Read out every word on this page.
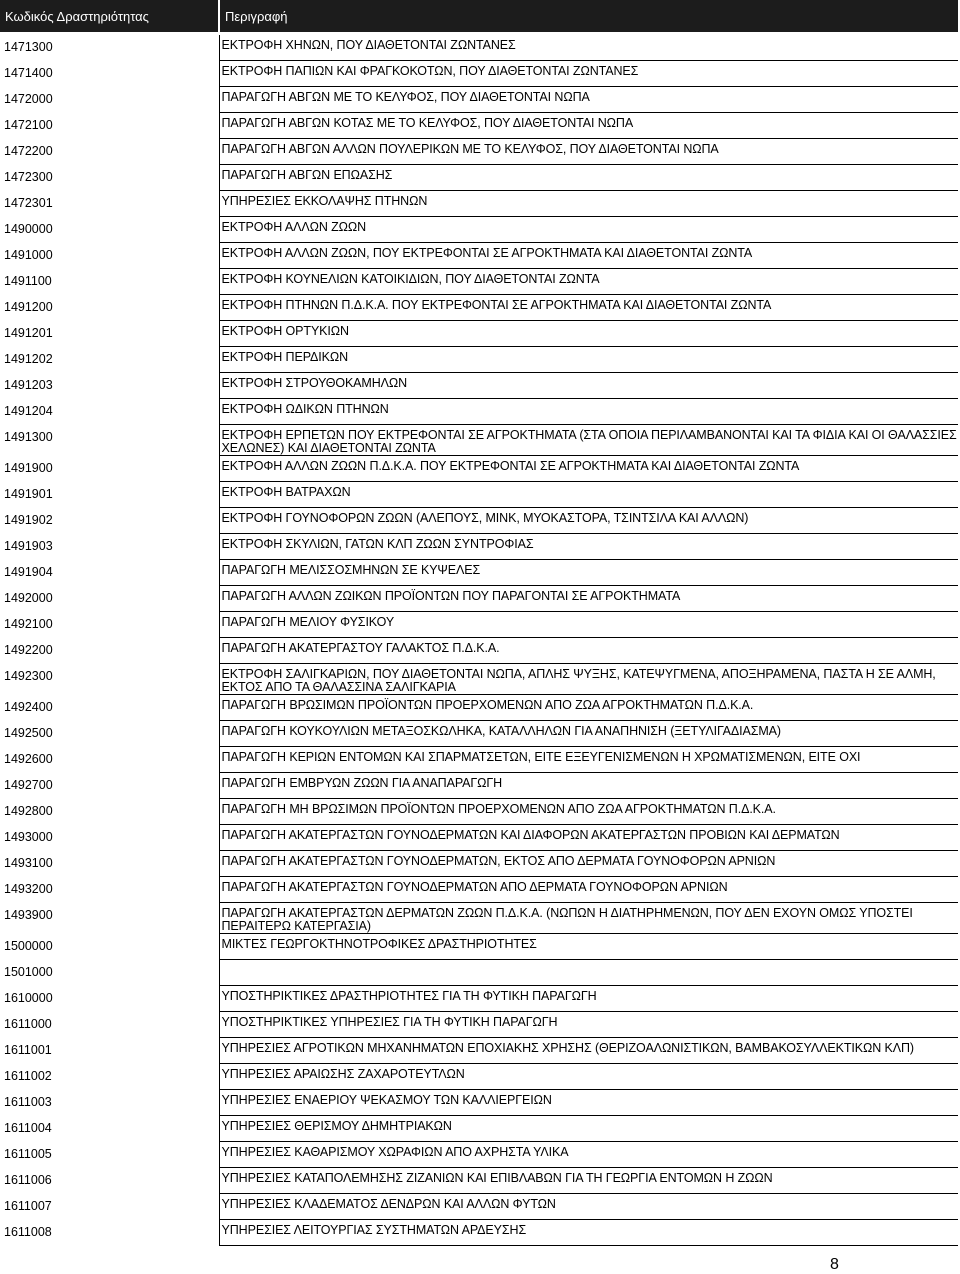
Κωδικός Δραστηριότητας	Περιγραφή

1471300	ΕΚΤΡΟΦΗ ΧΗΝΩΝ, ΠΟΥ ΔΙΑΘΕΤΟΝΤΑΙ ΖΩΝΤΑΝΕΣ
1471400	ΕΚΤΡΟΦΗ ΠΑΠΙΩΝ ΚΑΙ ΦΡΑΓΚΟΚΟΤΩΝ, ΠΟΥ ΔΙΑΘΕΤΟΝΤΑΙ ΖΩΝΤΑΝΕΣ
1472000	ΠΑΡΑΓΩΓΗ ΑΒΓΩΝ ΜΕ ΤΟ ΚΕΛΥΦΟΣ, ΠΟΥ ΔΙΑΘΕΤΟΝΤΑΙ ΝΩΠΑ
1472100	ΠΑΡΑΓΩΓΗ ΑΒΓΩΝ ΚΟΤΑΣ ΜΕ ΤΟ ΚΕΛΥΦΟΣ, ΠΟΥ ΔΙΑΘΕΤΟΝΤΑΙ ΝΩΠΑ
1472200	ΠΑΡΑΓΩΓΗ ΑΒΓΩΝ ΑΛΛΩΝ ΠΟΥΛΕΡΙΚΩΝ ΜΕ ΤΟ ΚΕΛΥΦΟΣ, ΠΟΥ ΔΙΑΘΕΤΟΝΤΑΙ ΝΩΠΑ
1472300	ΠΑΡΑΓΩΓΗ ΑΒΓΩΝ ΕΠΩΑΣΗΣ
1472301	ΥΠΗΡΕΣΙΕΣ ΕΚΚΟΛΑΨΗΣ ΠΤΗΝΩΝ
1490000	ΕΚΤΡΟΦΗ ΑΛΛΩΝ ΖΩΩΝ
1491000	ΕΚΤΡΟΦΗ ΑΛΛΩΝ ΖΩΩΝ, ΠΟΥ ΕΚΤΡΕΦΟΝΤΑΙ ΣΕ ΑΓΡΟΚΤΗΜΑΤΑ ΚΑΙ ΔΙΑΘΕΤΟΝΤΑΙ ΖΩΝΤΑ
1491100	ΕΚΤΡΟΦΗ ΚΟΥΝΕΛΙΩΝ ΚΑΤΟΙΚΙΔΙΩΝ, ΠΟΥ ΔΙΑΘΕΤΟΝΤΑΙ ΖΩΝΤΑ
1491200	ΕΚΤΡΟΦΗ ΠΤΗΝΩΝ Π.Δ.Κ.Α. ΠΟΥ ΕΚΤΡΕΦΟΝΤΑΙ ΣΕ ΑΓΡΟΚΤΗΜΑΤΑ ΚΑΙ ΔΙΑΘΕΤΟΝΤΑΙ ΖΩΝΤΑ
1491201	ΕΚΤΡΟΦΗ ΟΡΤΥΚΙΩΝ
1491202	ΕΚΤΡΟΦΗ ΠΕΡΔΙΚΩΝ
1491203	ΕΚΤΡΟΦΗ ΣΤΡΟΥΘΟΚΑΜΗΛΩΝ
1491204	ΕΚΤΡΟΦΗ ΩΔΙΚΩΝ ΠΤΗΝΩΝ
1491300	ΕΚΤΡΟΦΗ ΕΡΠΕΤΩΝ ΠΟΥ ΕΚΤΡΕΦΟΝΤΑΙ ΣΕ ΑΓΡΟΚΤΗΜΑΤΑ (ΣΤΑ ΟΠΟΙΑ ΠΕΡΙΛΑΜΒΑΝΟΝΤΑΙ ΚΑΙ ΤΑ ΦΙΔΙΑ ΚΑΙ ΟΙ ΘΑΛΑΣΣΙΕΣ ΧΕΛΩΝΕΣ) ΚΑΙ ΔΙΑΘΕΤΟΝΤΑΙ ΖΩΝΤΑ
1491900	ΕΚΤΡΟΦΗ ΑΛΛΩΝ ΖΩΩΝ Π.Δ.Κ.Α. ΠΟΥ ΕΚΤΡΕΦΟΝΤΑΙ ΣΕ ΑΓΡΟΚΤΗΜΑΤΑ ΚΑΙ ΔΙΑΘΕΤΟΝΤΑΙ ΖΩΝΤΑ
1491901	ΕΚΤΡΟΦΗ ΒΑΤΡΑΧΩΝ
1491902	ΕΚΤΡΟΦΗ ΓΟΥΝΟΦΟΡΩΝ ΖΩΩΝ (ΑΛΕΠΟΥΣ, ΜΙΝΚ, ΜΥΟΚΑΣΤΟΡΑ, ΤΣΙΝΤΣΙΛΑ ΚΑΙ ΑΛΛΩΝ)
1491903	ΕΚΤΡΟΦΗ ΣΚΥΛΙΩΝ, ΓΑΤΩΝ ΚΛΠ ΖΩΩΝ ΣΥΝΤΡΟΦΙΑΣ
1491904	ΠΑΡΑΓΩΓΗ ΜΕΛΙΣΣΟΣΜΗΝΩΝ ΣΕ ΚΥΨΕΛΕΣ
1492000	ΠΑΡΑΓΩΓΗ ΑΛΛΩΝ ΖΩΙΚΩΝ ΠΡΟΪΟΝΤΩΝ ΠΟΥ ΠΑΡΑΓΟΝΤΑΙ ΣΕ ΑΓΡΟΚΤΗΜΑΤΑ
1492100	ΠΑΡΑΓΩΓΗ ΜΕΛΙΟΥ ΦΥΣΙΚΟΥ
1492200	ΠΑΡΑΓΩΓΗ ΑΚΑΤΕΡΓΑΣΤΟΥ ΓΑΛΑΚΤΟΣ Π.Δ.Κ.Α.
1492300	ΕΚΤΡΟΦΗ ΣΑΛΙΓΚΑΡΙΩΝ, ΠΟΥ ΔΙΑΘΕΤΟΝΤΑΙ ΝΩΠΑ, ΑΠΛΗΣ ΨΥΞΗΣ, ΚΑΤΕΨΥΓΜΕΝΑ, ΑΠΟΞΗΡΑΜΕΝΑ, ΠΑΣΤΑ Η ΣΕ ΑΛΜΗ, ΕΚΤΟΣ ΑΠΟ ΤΑ ΘΑΛΑΣΣΙΝΑ ΣΑΛΙΓΚΑΡΙΑ
1492400	ΠΑΡΑΓΩΓΗ ΒΡΩΣΙΜΩΝ ΠΡΟΪΟΝΤΩΝ ΠΡΟΕΡΧΟΜΕΝΩΝ ΑΠΟ ΖΩΑ ΑΓΡΟΚΤΗΜΑΤΩΝ Π.Δ.Κ.Α.
1492500	ΠΑΡΑΓΩΓΗ ΚΟΥΚΟΥΛΙΩΝ ΜΕΤΑΞΟΣΚΩΛΗΚΑ, ΚΑΤΑΛΛΗΛΩΝ ΓΙΑ ΑΝΑΠΗΝΙΣΗ (ΞΕΤΥΛΙΓΑΔΙΑΣΜΑ)
1492600	ΠΑΡΑΓΩΓΗ ΚΕΡΙΩΝ ΕΝΤΟΜΩΝ ΚΑΙ ΣΠΑΡΜΑΤΣΕΤΩΝ, ΕΙΤΕ ΕΞΕΥΓΕΝΙΣΜΕΝΩΝ Η ΧΡΩΜΑΤΙΣΜΕΝΩΝ, ΕΙΤΕ ΟΧΙ
1492700	ΠΑΡΑΓΩΓΗ ΕΜΒΡΥΩΝ ΖΩΩΝ ΓΙΑ ΑΝΑΠΑΡΑΓΩΓΗ
1492800	ΠΑΡΑΓΩΓΗ ΜΗ ΒΡΩΣΙΜΩΝ ΠΡΟΪΟΝΤΩΝ ΠΡΟΕΡΧΟΜΕΝΩΝ ΑΠΟ ΖΩΑ ΑΓΡΟΚΤΗΜΑΤΩΝ Π.Δ.Κ.Α.
1493000	ΠΑΡΑΓΩΓΗ ΑΚΑΤΕΡΓΑΣΤΩΝ ΓΟΥΝΟΔΕΡΜΑΤΩΝ ΚΑΙ ΔΙΑΦΟΡΩΝ ΑΚΑΤΕΡΓΑΣΤΩΝ ΠΡΟΒΙΩΝ ΚΑΙ ΔΕΡΜΑΤΩΝ
1493100	ΠΑΡΑΓΩΓΗ ΑΚΑΤΕΡΓΑΣΤΩΝ ΓΟΥΝΟΔΕΡΜΑΤΩΝ, ΕΚΤΟΣ ΑΠΟ ΔΕΡΜΑΤΑ ΓΟΥΝΟΦΟΡΩΝ ΑΡΝΙΩΝ
1493200	ΠΑΡΑΓΩΓΗ ΑΚΑΤΕΡΓΑΣΤΩΝ ΓΟΥΝΟΔΕΡΜΑΤΩΝ ΑΠΟ ΔΕΡΜΑΤΑ ΓΟΥΝΟΦΟΡΩΝ ΑΡΝΙΩΝ
1493900	ΠΑΡΑΓΩΓΗ ΑΚΑΤΕΡΓΑΣΤΩΝ ΔΕΡΜΑΤΩΝ ΖΩΩΝ Π.Δ.Κ.Α. (ΝΩΠΩΝ Η ΔΙΑΤΗΡΗΜΕΝΩΝ, ΠΟΥ ΔΕΝ ΕΧΟΥΝ ΟΜΩΣ ΥΠΟΣΤΕΙ ΠΕΡΑΙΤΕΡΩ ΚΑΤΕΡΓΑΣΙΑ)
1500000	ΜΙΚΤΕΣ ΓΕΩΡΓΟΚΤΗΝΟΤΡΟΦΙΚΕΣ ΔΡΑΣΤΗΡΙΟΤΗΤΕΣ
1501000	
1610000	ΥΠΟΣΤΗΡΙΚΤΙΚΕΣ ΔΡΑΣΤΗΡΙΟΤΗΤΕΣ ΓΙΑ ΤΗ ΦΥΤΙΚΗ ΠΑΡΑΓΩΓΗ
1611000	ΥΠΟΣΤΗΡΙΚΤΙΚΕΣ ΥΠΗΡΕΣΙΕΣ ΓΙΑ ΤΗ ΦΥΤΙΚΗ ΠΑΡΑΓΩΓΗ
1611001	ΥΠΗΡΕΣΙΕΣ ΑΓΡΟΤΙΚΩΝ ΜΗΧΑΝΗΜΑΤΩΝ ΕΠΟΧΙΑΚΗΣ ΧΡΗΣΗΣ (ΘΕΡΙΖΟΑΛΩΝΙΣΤΙΚΩΝ, ΒΑΜΒΑΚΟΣΥΛΛΕΚΤΙΚΩΝ ΚΛΠ)
1611002	ΥΠΗΡΕΣΙΕΣ ΑΡΑΙΩΣΗΣ ΖΑΧΑΡΟΤΕΥΤΛΩΝ
1611003	ΥΠΗΡΕΣΙΕΣ ΕΝΑΕΡΙΟΥ ΨΕΚΑΣΜΟΥ ΤΩΝ ΚΑΛΛΙΕΡΓΕΙΩΝ
1611004	ΥΠΗΡΕΣΙΕΣ ΘΕΡΙΣΜΟΥ ΔΗΜΗΤΡΙΑΚΩΝ
1611005	ΥΠΗΡΕΣΙΕΣ ΚΑΘΑΡΙΣΜΟΥ ΧΩΡΑΦΙΩΝ ΑΠΟ ΑΧΡΗΣΤΑ ΥΛΙΚΑ
1611006	ΥΠΗΡΕΣΙΕΣ ΚΑΤΑΠΟΛΕΜΗΣΗΣ ΖΙΖΑΝΙΩΝ ΚΑΙ ΕΠΙΒΛΑΒΩΝ ΓΙΑ ΤΗ ΓΕΩΡΓΙΑ ΕΝΤΟΜΩΝ Η ΖΩΩΝ
1611007	ΥΠΗΡΕΣΙΕΣ ΚΛΑΔΕΜΑΤΟΣ ΔΕΝΔΡΩΝ ΚΑΙ ΑΛΛΩΝ ΦΥΤΩΝ
1611008	ΥΠΗΡΕΣΙΕΣ ΛΕΙΤΟΥΡΓΙΑΣ ΣΥΣΤΗΜΑΤΩΝ ΑΡΔΕΥΣΗΣ
8
